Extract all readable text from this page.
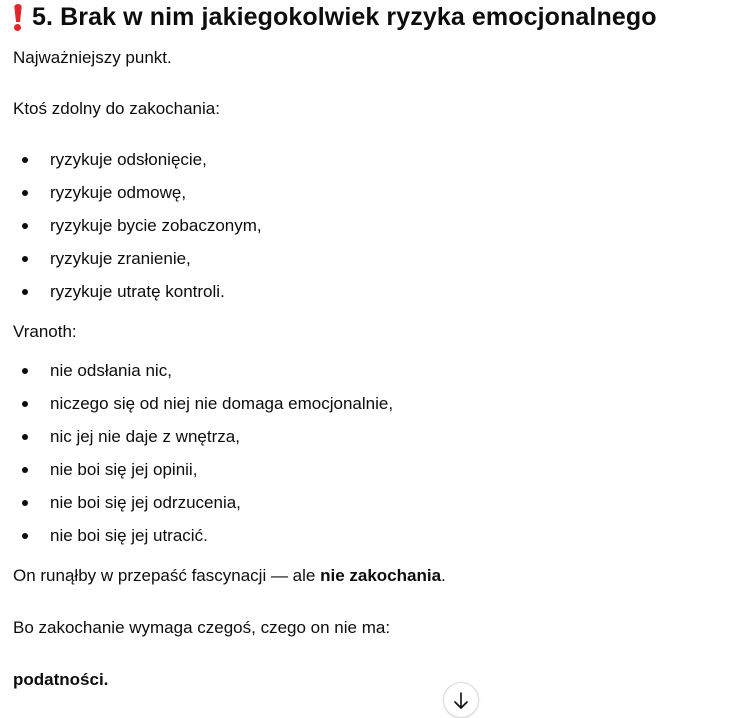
5. Brak w nim jakiegokolwiek ryzyka emocjonalnego

Najważniejszy punkt.

Ktoś zdolny do zakochania:

ryzykuje odsłonięcie,
ryzykuje odmowę,
ryzykuje bycie zobaczonym,
ryzykuje zranienie,
ryzykuje utratę kontroli.

Vranoth:

nie odsłania nic,
niczego się od niej nie domaga emocjonalnie,
nic jej nie daje z wnętrza,
nie boi się jej opinii,
nie boi się jej odrzucenia,
nie boi się jej utracić.

On runąłby w przepaść fascynacji — ale nie zakochania.

Bo zakochanie wymaga czegoś, czego on nie ma:

podatności.
